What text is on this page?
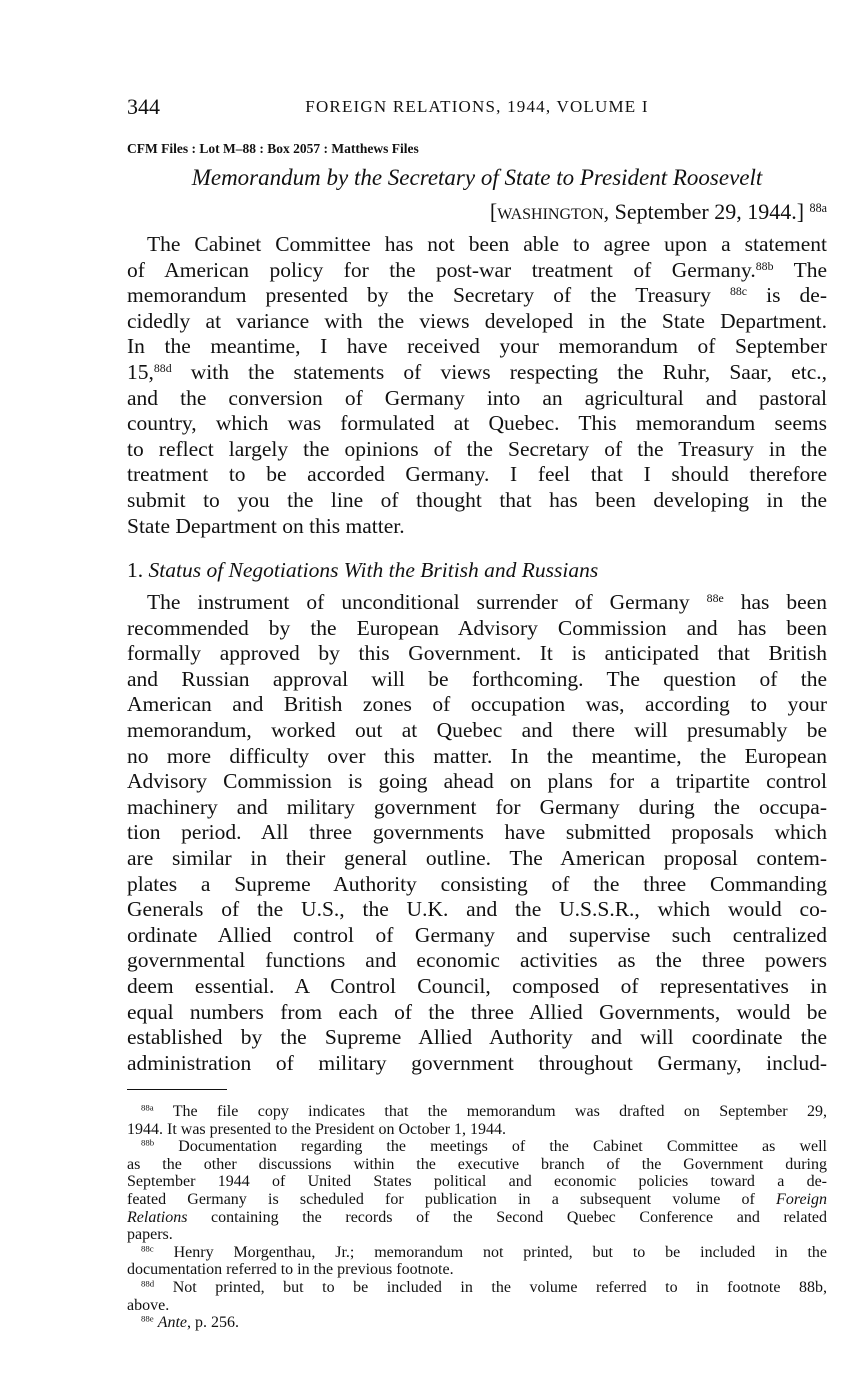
344	FOREIGN RELATIONS, 1944, VOLUME I
CFM Files : Lot M–88 : Box 2057 : Matthews Files
Memorandum by the Secretary of State to President Roosevelt
[WASHINGTON, September 29, 1944.] $^{88a}$
The Cabinet Committee has not been able to agree upon a statement
of American policy for the post-war treatment of Germany.$^{88b}$ The
memorandum presented by the Secretary of the Treasury $^{88c}$ is de-
cidedly at variance with the views developed in the State Department.
In the meantime, I have received your memorandum of September
15,$^{88d}$ with the statements of views respecting the Ruhr, Saar, etc.,
and the conversion of Germany into an agricultural and pastoral
country, which was formulated at Quebec. This memorandum seems
to reflect largely the opinions of the Secretary of the Treasury in the
treatment to be accorded Germany. I feel that I should therefore
submit to you the line of thought that has been developing in the
State Department on this matter.
1. Status of Negotiations With the British and Russians
The instrument of unconditional surrender of Germany $^{88e}$ has been
recommended by the European Advisory Commission and has been
formally approved by this Government. It is anticipated that British
and Russian approval will be forthcoming. The question of the
American and British zones of occupation was, according to your
memorandum, worked out at Quebec and there will presumably be
no more difficulty over this matter. In the meantime, the European
Advisory Commission is going ahead on plans for a tripartite control
machinery and military government for Germany during the occupa-
tion period. All three governments have submitted proposals which
are similar in their general outline. The American proposal contem-
plates a Supreme Authority consisting of the three Commanding
Generals of the U.S., the U.K. and the U.S.S.R., which would co-
ordinate Allied control of Germany and supervise such centralized
governmental functions and economic activities as the three powers
deem essential. A Control Council, composed of representatives in
equal numbers from each of the three Allied Governments, would be
established by the Supreme Allied Authority and will coordinate the
administration of military government throughout Germany, includ-
$^{88a}$ The file copy indicates that the memorandum was drafted on September 29,
1944. It was presented to the President on October 1, 1944.
$^{88b}$ Documentation regarding the meetings of the Cabinet Committee as well
as the other discussions within the executive branch of the Government during
September 1944 of United States political and economic policies toward a de-
feated Germany is scheduled for publication in a subsequent volume of Foreign
Relations containing the records of the Second Quebec Conference and related
papers.
$^{88c}$ Henry Morgenthau, Jr.; memorandum not printed, but to be included in the
documentation referred to in the previous footnote.
$^{88d}$ Not printed, but to be included in the volume referred to in footnote 88b,
above.
$^{88e}$ Ante, p. 256.
